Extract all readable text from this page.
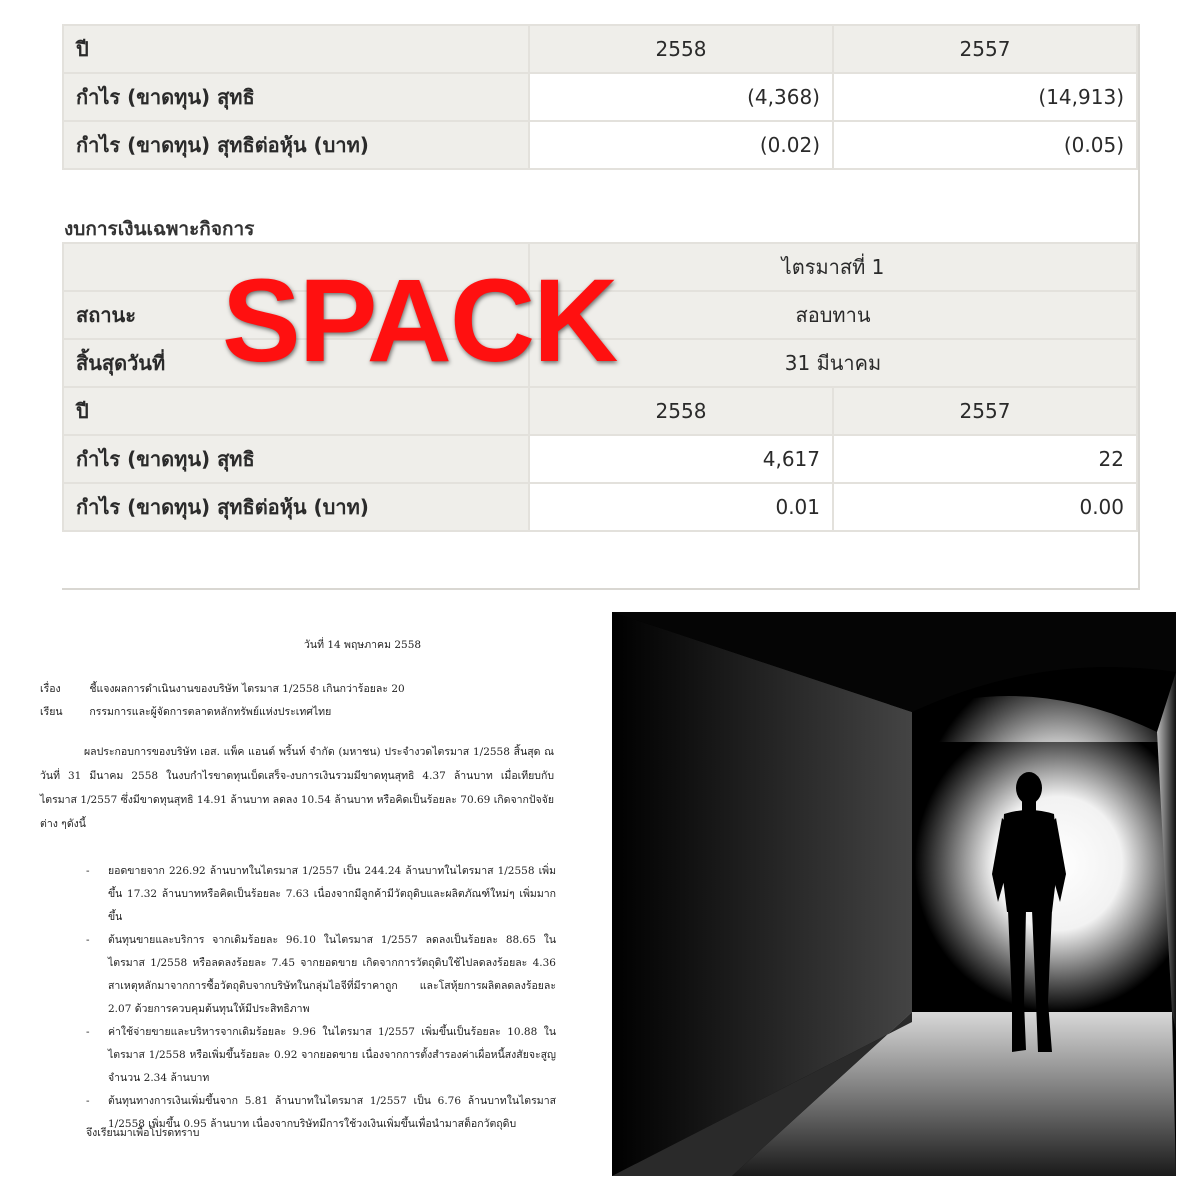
ปี	2558	2557
กำไร (ขาดทุน) สุทธิ	(4,368)	(14,913)
กำไร (ขาดทุน) สุทธิต่อหุ้น (บาท)	(0.02)	(0.05)
งบการเงินเฉพาะกิจการ
	ไตรมาสที่ 1	
สถานะ	สอบทาน	
สิ้นสุดวันที่	31 มีนาคม	
ปี	2558	2557
กำไร (ขาดทุน) สุทธิ	4,617	22
กำไร (ขาดทุน) สุทธิต่อหุ้น (บาท)	0.01	0.00
SPACK
วันที่ 14 พฤษภาคม 2558
เรื่อง	ชี้แจงผลการดำเนินงานของบริษัท ไตรมาส 1/2558 เกินกว่าร้อยละ 20
เรียน	กรรมการและผู้จัดการตลาดหลักทรัพย์แห่งประเทศไทย
ผลประกอบการของบริษัท เอส. แพ็ค แอนด์ พริ้นท์ จำกัด (มหาชน) ประจำงวดไตรมาส 1/2558 สิ้นสุด ณ วันที่ 31 มีนาคม 2558 ในงบกำไรขาดทุนเบ็ดเสร็จ-งบการเงินรวมมีขาดทุนสุทธิ 4.37 ล้านบาท เมื่อเทียบกับไตรมาส 1/2557 ซึ่งมีขาดทุนสุทธิ 14.91 ล้านบาท ลดลง 10.54 ล้านบาท หรือคิดเป็นร้อยละ 70.69 เกิดจากปัจจัยต่าง ๆดังนี้
- ยอดขายจาก 226.92 ล้านบาทในไตรมาส 1/2557 เป็น 244.24 ล้านบาทในไตรมาส 1/2558 เพิ่มขึ้น 17.32 ล้านบาทหรือคิดเป็นร้อยละ 7.63 เนื่องจากมีลูกค้ามีวัตถุดิบและผลิตภัณฑ์ใหม่ๆ เพิ่มมากขึ้น
- ต้นทุนขายและบริการ จากเดิมร้อยละ 96.10 ในไตรมาส 1/2557 ลดลงเป็นร้อยละ 88.65 ในไตรมาส 1/2558 หรือลดลงร้อยละ 7.45 จากยอดขาย เกิดจากการวัตถุดิบใช้ไปลดลงร้อยละ 4.36 สาเหตุหลักมาจากการซื้อวัตถุดิบจากบริษัทในกลุ่มไอจีที่มีราคาถูก และโสหุ้ยการผลิตลดลงร้อยละ 2.07 ด้วยการควบคุมต้นทุนให้มีประสิทธิภาพ
- ค่าใช้จ่ายขายและบริหารจากเดิมร้อยละ 9.96 ในไตรมาส 1/2557 เพิ่มขึ้นเป็นร้อยละ 10.88 ในไตรมาส 1/2558 หรือเพิ่มขึ้นร้อยละ 0.92 จากยอดขาย เนื่องจากการตั้งสำรองค่าเผื่อหนี้สงสัยจะสูญจำนวน 2.34 ล้านบาท
- ต้นทุนทางการเงินเพิ่มขึ้นจาก 5.81 ล้านบาทในไตรมาส 1/2557 เป็น 6.76 ล้านบาทในไตรมาส 1/2558 เพิ่มขึ้น 0.95 ล้านบาท เนื่องจากบริษัทมีการใช้วงเงินเพิ่มขึ้นเพื่อนำมาสต็อกวัตถุดิบ
จึงเรียนมาเพื่อโปรดทราบ
